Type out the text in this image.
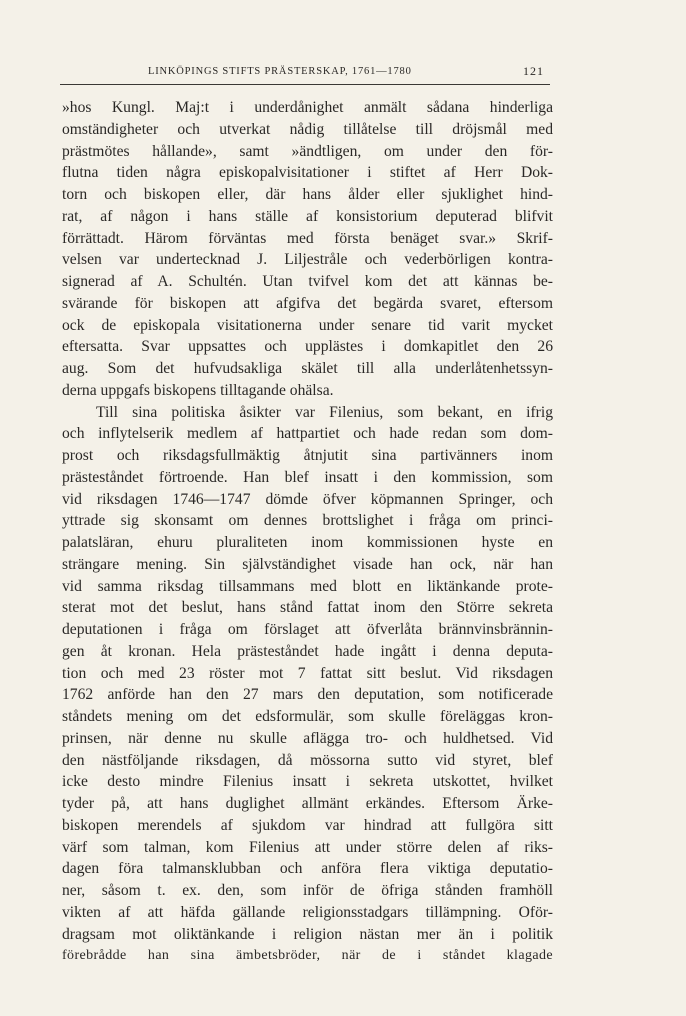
LINKÖPINGS STIFTS PRÄSTERSKAP, 1761—1780	121
»hos Kungl. Maj:t i underdånighet anmält sådana hinderliga
omständigheter och utverkat nådig tillåtelse till dröjsmål med
prästmötes hållande», samt »ändtligen, om under den för-
flutna tiden några episkopalvisitationer i stiftet af Herr Dok-
torn och biskopen eller, där hans ålder eller sjuklighet hind-
rat, af någon i hans ställe af konsistorium deputerad blifvit
förrättadt. Härom förväntas med första benäget svar.» Skrif-
velsen var undertecknad J. Liljestråle och vederbörligen kontra-
signerad af A. Schultén. Utan tvifvel kom det att kännas be-
svärande för biskopen att afgifva det begärda svaret, eftersom
ock de episkopala visitationerna under senare tid varit mycket
eftersatta. Svar uppsattes och upplästes i domkapitlet den 26
aug. Som det hufvudsakliga skälet till alla underlåtenhetssyn-
derna uppgafs biskopens tilltagande ohälsa.
Till sina politiska åsikter var Filenius, som bekant, en ifrig
och inflytelserik medlem af hattpartiet och hade redan som dom-
prost och riksdagsfullmäktig åtnjutit sina partivänners inom
prästeståndet förtroende. Han blef insatt i den kommission, som
vid riksdagen 1746—1747 dömde öfver köpmannen Springer, och
yttrade sig skonsamt om dennes brottslighet i fråga om princi-
palatsläran, ehuru pluraliteten inom kommissionen hyste en
strängare mening. Sin självständighet visade han ock, när han
vid samma riksdag tillsammans med blott en liktänkande prote-
sterat mot det beslut, hans stånd fattat inom den Större sekreta
deputationen i fråga om förslaget att öfverlåta brännvinsbrännin-
gen åt kronan. Hela prästeståndet hade ingått i denna deputa-
tion och med 23 röster mot 7 fattat sitt beslut. Vid riksdagen
1762 anförde han den 27 mars den deputation, som notificerade
ståndets mening om det edsformulär, som skulle föreläggas kron-
prinsen, när denne nu skulle aflägga tro- och huldhetsed. Vid
den nästföljande riksdagen, då mössorna sutto vid styret, blef
icke desto mindre Filenius insatt i sekreta utskottet, hvilket
tyder på, att hans duglighet allmänt erkändes. Eftersom Ärke-
biskopen merendels af sjukdom var hindrad att fullgöra sitt
värf som talman, kom Filenius att under större delen af riks-
dagen föra talmansklubban och anföra flera viktiga deputatio-
ner, såsom t. ex. den, som inför de öfriga stånden framhöll
vikten af att häfda gällande religionsstadgars tillämpning. Oför-
dragsam mot oliktänkande i religion nästan mer än i politik
förebrådde han sina ämbetsbröder, när de i ståndet klagade
